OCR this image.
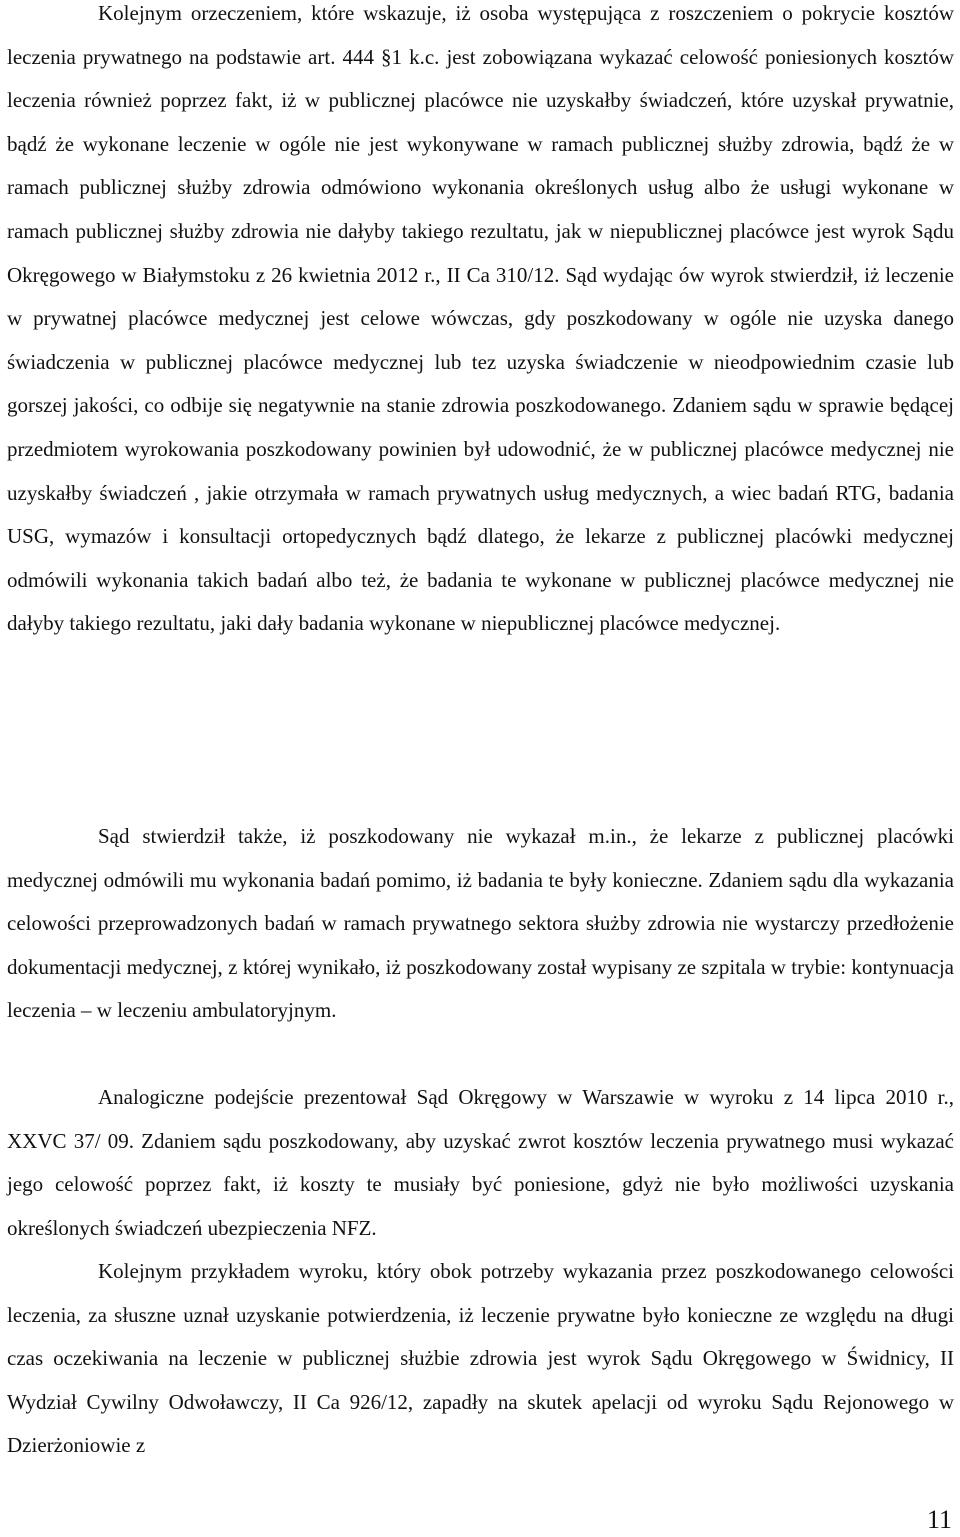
Kolejnym orzeczeniem, które wskazuje, iż osoba występująca z roszczeniem o pokrycie kosztów leczenia prywatnego na podstawie art. 444 §1 k.c. jest zobowiązana wykazać celowość poniesionych kosztów leczenia również poprzez fakt, iż w publicznej placówce nie uzyskałby świadczeń, które uzyskał prywatnie, bądź że wykonane leczenie w ogóle nie jest wykonywane w ramach publicznej służby zdrowia, bądź że w ramach publicznej służby zdrowia odmówiono wykonania określonych usług albo że usługi wykonane w ramach publicznej służby zdrowia nie dałyby takiego rezultatu, jak w niepublicznej placówce jest wyrok Sądu Okręgowego w Białymstoku z 26 kwietnia 2012 r., II Ca 310/12. Sąd wydając ów wyrok stwierdził, iż leczenie w prywatnej placówce medycznej jest celowe wówczas, gdy poszkodowany w ogóle nie uzyska danego świadczenia w publicznej placówce medycznej lub tez uzyska świadczenie w nieodpowiednim czasie lub gorszej jakości, co odbije się negatywnie na stanie zdrowia poszkodowanego. Zdaniem sądu w sprawie będącej przedmiotem wyrokowania poszkodowany powinien był udowodnić, że w publicznej placówce medycznej nie uzyskałby świadczeń , jakie otrzymała w ramach prywatnych usług medycznych, a wiec badań RTG, badania USG, wymazów i konsultacji ortopedycznych bądź dlatego, że lekarze z publicznej placówki medycznej odmówili wykonania takich badań albo też, że badania te wykonane w publicznej placówce medycznej nie dałyby takiego rezultatu, jaki dały badania wykonane w niepublicznej placówce medycznej.

Sąd stwierdził także, iż poszkodowany nie wykazał m.in., że lekarze z publicznej placówki medycznej odmówili mu wykonania badań pomimo, iż badania te były konieczne. Zdaniem sądu dla wykazania celowości przeprowadzonych badań w ramach prywatnego sektora służby zdrowia nie wystarczy przedłożenie dokumentacji medycznej, z której wynikało, iż poszkodowany został wypisany ze szpitala w trybie: kontynuacja leczenia – w leczeniu ambulatoryjnym.

Analogiczne podejście prezentował Sąd Okręgowy w Warszawie w wyroku z 14 lipca 2010 r., XXVC 37/ 09. Zdaniem sądu poszkodowany, aby uzyskać zwrot kosztów leczenia prywatnego musi wykazać jego celowość poprzez fakt, iż koszty te musiały być poniesione, gdyż nie było możliwości uzyskania określonych świadczeń ubezpieczenia NFZ.

Kolejnym przykładem wyroku, który obok potrzeby wykazania przez poszkodowanego celowości leczenia, za słuszne uznał uzyskanie potwierdzenia, iż leczenie prywatne było konieczne ze względu na długi czas oczekiwania na leczenie w publicznej służbie zdrowia jest wyrok Sądu Okręgowego w Świdnicy, II Wydział Cywilny Odwoławczy, II Ca 926/12, zapadły na skutek apelacji od wyroku Sądu Rejonowego w Dzierżoniowie z

11
